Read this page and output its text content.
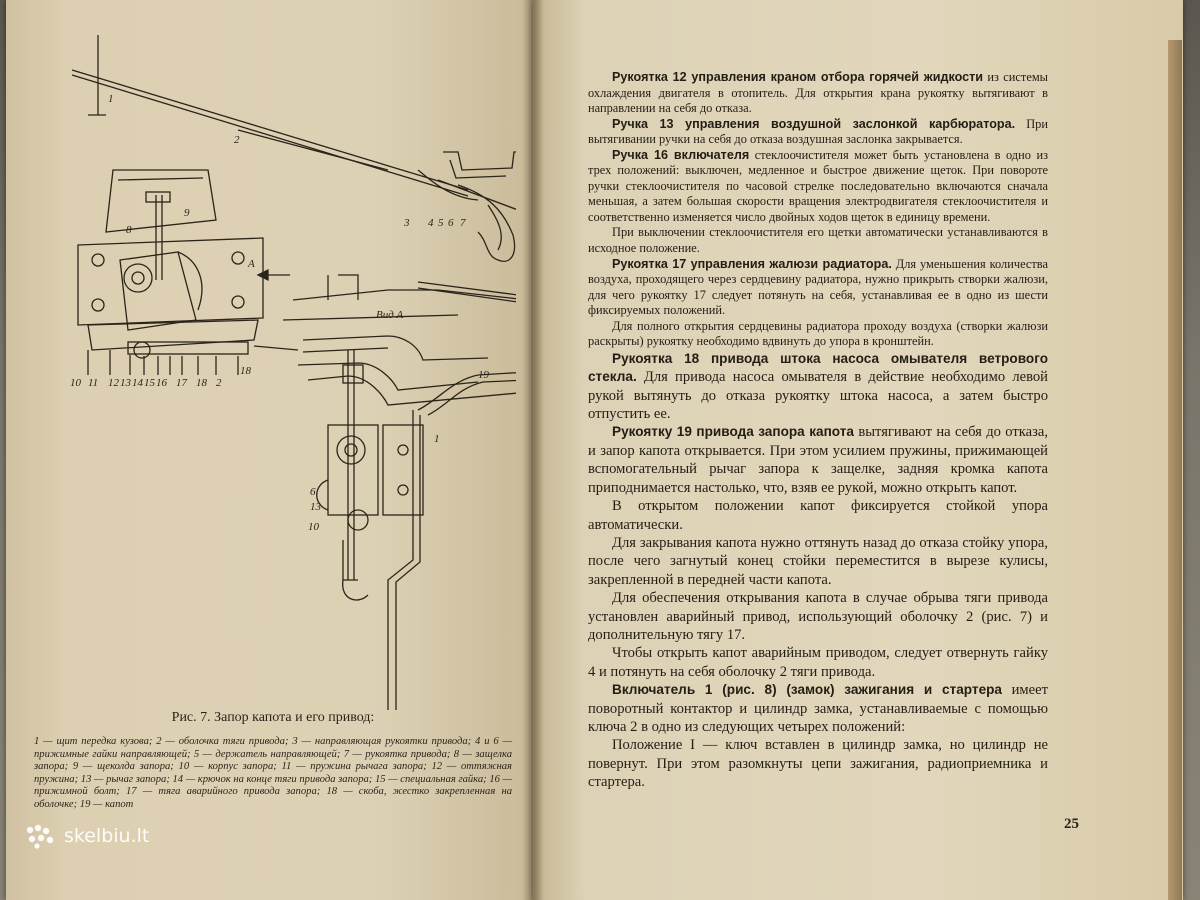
1
2
3 4 5 6 7
8
9
10 11 12 13 14 15 16 17 18 2
18
А
Вид А
19
1
6
13
10

Рис. 7. Запор капота и его привод:

1 — щит передка кузова; 2 — оболочка тяги привода; 3 — направляющая рукоятки привода; 4 и 6 — прижимные гайки направляющей; 5 — держатель направляющей; 7 — рукоятка привода; 8 — защелка запора; 9 — щеколда запора; 10 — корпус запора; 11 — пружина рычага запора; 12 — оттяжная пружина; 13 — рычаг запора; 14 — крючок на конце тяги привода запора; 15 — специальная гайка; 16 — прижимной болт; 17 — тяга аварийного привода запора; 18 — скоба, жестко закрепленная на оболочке; 19 — капот

Рукоятка 12 управления краном отбора горячей жидкости из системы охлаждения двигателя в отопитель. Для открытия крана рукоятку вытягивают в направлении на себя до отказа.

Ручка 13 управления воздушной заслонкой карбюратора. При вытягивании ручки на себя до отказа воздушная заслонка закрывается.

Ручка 16 включателя стеклоочистителя может быть установлена в одно из трех положений: выключен, медленное и быстрое движение щеток. При повороте ручки стеклоочистителя по часовой стрелке последовательно включаются сначала меньшая, а затем большая скорости вращения электродвигателя стеклоочистителя и соответственно изменяется число двойных ходов щеток в единицу времени.

При выключении стеклоочистителя его щетки автоматически устанавливаются в исходное положение.

Рукоятка 17 управления жалюзи радиатора. Для уменьшения количества воздуха, проходящего через сердцевину радиатора, нужно прикрыть створки жалюзи, для чего рукоятку 17 следует потянуть на себя, устанавливая ее в одно из шести фиксируемых положений.

Для полного открытия сердцевины радиатора проходу воздуха (створки жалюзи раскрыты) рукоятку необходимо вдвинуть до упора в кронштейн.

Рукоятка 18 привода штока насоса омывателя ветрового стекла. Для привода насоса омывателя в действие необходимо левой рукой вытянуть до отказа рукоятку штока насоса, а затем быстро отпустить ее.

Рукоятку 19 привода запора капота вытягивают на себя до отказа, и запор капота открывается. При этом усилием пружины, прижимающей вспомогательный рычаг запора к защелке, задняя кромка капота приподнимается настолько, что, взяв ее рукой, можно открыть капот.

В открытом положении капот фиксируется стойкой упора автоматически.

Для закрывания капота нужно оттянуть назад до отказа стойку упора, после чего загнутый конец стойки переместится в вырезе кулисы, закрепленной в передней части капота.

Для обеспечения открывания капота в случае обрыва тяги привода установлен аварийный привод, использующий оболочку 2 (рис. 7) и дополнительную тягу 17.

Чтобы открыть капот аварийным приводом, следует отвернуть гайку 4 и потянуть на себя оболочку 2 тяги привода.

Включатель 1 (рис. 8) (замок) зажигания и стартера имеет поворотный контактор и цилиндр замка, устанавливаемые с помощью ключа 2 в одно из следующих четырех положений:

Положение I — ключ вставлен в цилиндр замка, но цилиндр не повернут. При этом разомкнуты цепи зажигания, радиоприемника и стартера.

25
skelbiu.lt
